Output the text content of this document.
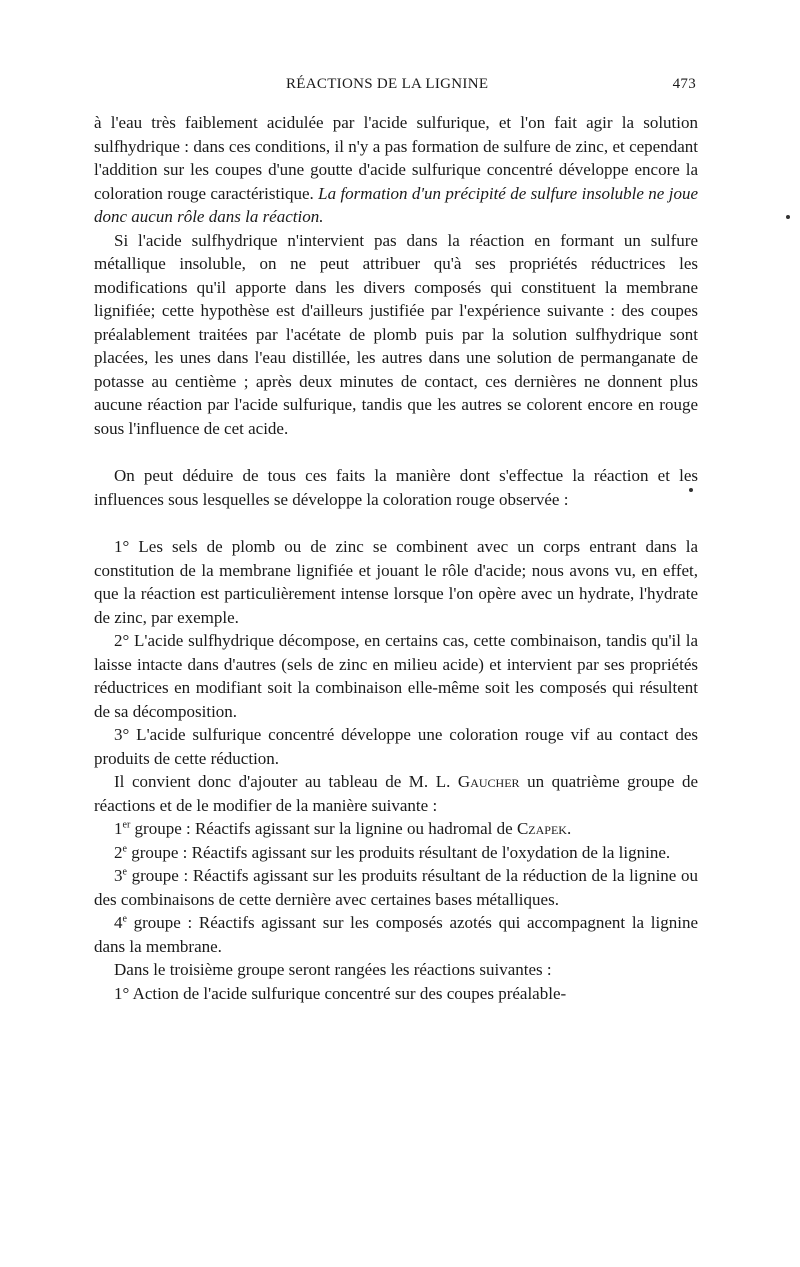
RÉACTIONS DE LA LIGNINE	473

à l'eau très faiblement acidulée par l'acide sulfurique, et l'on fait agir la solution sulfhydrique : dans ces conditions, il n'y a pas formation de sulfure de zinc, et cependant l'addition sur les coupes d'une goutte d'acide sulfurique concentré développe encore la coloration rouge caractéristique. La formation d'un précipité de sulfure insoluble ne joue donc aucun rôle dans la réaction.

Si l'acide sulfhydrique n'intervient pas dans la réaction en formant un sulfure métallique insoluble, on ne peut attribuer qu'à ses propriétés réductrices les modifications qu'il apporte dans les divers composés qui constituent la membrane lignifiée; cette hypothèse est d'ailleurs justifiée par l'expérience suivante : des coupes préalablement traitées par l'acétate de plomb puis par la solution sulfhydrique sont placées, les unes dans l'eau distillée, les autres dans une solution de permanganate de potasse au centième ; après deux minutes de contact, ces dernières ne donnent plus aucune réaction par l'acide sulfurique, tandis que les autres se colorent encore en rouge sous l'influence de cet acide.

On peut déduire de tous ces faits la manière dont s'effectue la réaction et les influences sous lesquelles se développe la coloration rouge observée :

1° Les sels de plomb ou de zinc se combinent avec un corps entrant dans la constitution de la membrane lignifiée et jouant le rôle d'acide; nous avons vu, en effet, que la réaction est particulièrement intense lorsque l'on opère avec un hydrate, l'hydrate de zinc, par exemple.

2° L'acide sulfhydrique décompose, en certains cas, cette combinaison, tandis qu'il la laisse intacte dans d'autres (sels de zinc en milieu acide) et intervient par ses propriétés réductrices en modifiant soit la combinaison elle-même soit les composés qui résultent de sa décomposition.

3° L'acide sulfurique concentré développe une coloration rouge vif au contact des produits de cette réduction.

Il convient donc d'ajouter au tableau de M. L. Gaucher un quatrième groupe de réactions et de le modifier de la manière suivante :

1er groupe : Réactifs agissant sur la lignine ou hadromal de Czapek.

2e groupe : Réactifs agissant sur les produits résultant de l'oxydation de la lignine.

3e groupe : Réactifs agissant sur les produits résultant de la réduction de la lignine ou des combinaisons de cette dernière avec certaines bases métalliques.

4e groupe : Réactifs agissant sur les composés azotés qui accompagnent la lignine dans la membrane.

Dans le troisième groupe seront rangées les réactions suivantes :

1° Action de l'acide sulfurique concentré sur des coupes préalable-
